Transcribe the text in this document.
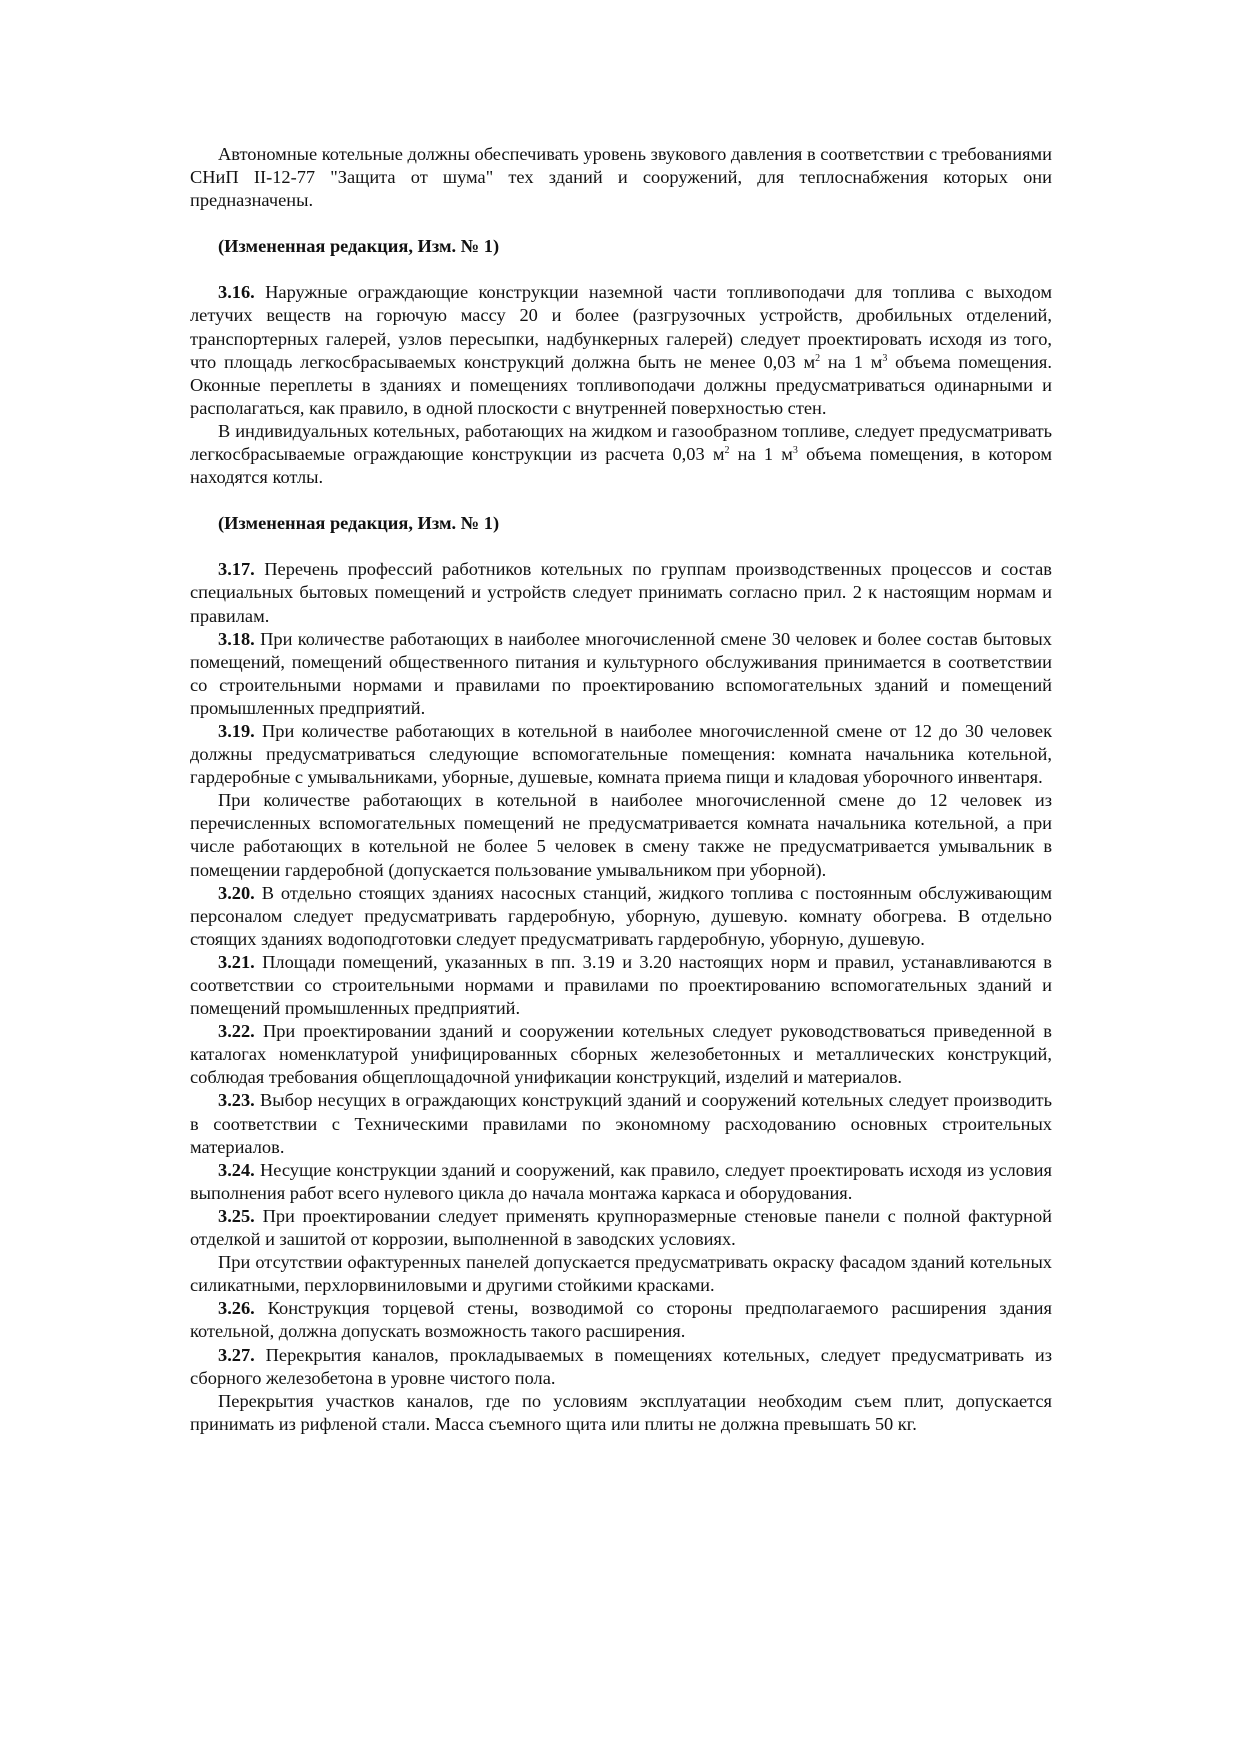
Автономные котельные должны обеспечивать уровень звукового давления в соответствии с требованиями СНиП II-12-77 "Защита от шума" тех зданий и сооружений, для теплоснабжения которых они предназначены.

(Измененная редакция, Изм. № 1)

3.16. Наружные ограждающие конструкции наземной части топливоподачи для топлива с выходом летучих веществ на горючую массу 20 и более (разгрузочных устройств, дробильных отделений, транспортерных галерей, узлов пересыпки, надбункерных галерей) следует проектировать исходя из того, что площадь легкосбрасываемых конструкций должна быть не менее 0,03 $м^2$ на 1 $м^3$ объема помещения. Оконные переплеты в зданиях и помещениях топливоподачи должны предусматриваться одинарными и располагаться, как правило, в одной плоскости с внутренней поверхностью стен.

В индивидуальных котельных, работающих на жидком и газообразном топливе, следует предусматривать легкосбрасываемые ограждающие конструкции из расчета 0,03 $м^2$ на 1 $м^3$ объема помещения, в котором находятся котлы.

(Измененная редакция, Изм. № 1)

3.17. Перечень профессий работников котельных по группам производственных процессов и состав специальных бытовых помещений и устройств следует принимать согласно прил. 2 к настоящим нормам и правилам.

3.18. При количестве работающих в наиболее многочисленной смене 30 человек и более состав бытовых помещений, помещений общественного питания и культурного обслуживания принимается в соответствии со строительными нормами и правилами по проектированию вспомогательных зданий и помещений промышленных предприятий.

3.19. При количестве работающих в котельной в наиболее многочисленной смене от 12 до 30 человек должны предусматриваться следующие вспомогательные помещения: комната начальника котельной, гардеробные с умывальниками, уборные, душевые, комната приема пищи и кладовая уборочного инвентаря.

При количестве работающих в котельной в наиболее многочисленной смене до 12 человек из перечисленных вспомогательных помещений не предусматривается комната начальника котельной, а при числе работающих в котельной не более 5 человек в смену также не предусматривается умывальник в помещении гардеробной (допускается пользование умывальником при уборной).

3.20. В отдельно стоящих зданиях насосных станций, жидкого топлива с постоянным обслуживающим персоналом следует предусматривать гардеробную, уборную, душевую. комнату обогрева. В отдельно стоящих зданиях водоподготовки следует предусматривать гардеробную, уборную, душевую.

3.21. Площади помещений, указанных в пп. 3.19 и 3.20 настоящих норм и правил, устанавливаются в соответствии со строительными нормами и правилами по проектированию вспомогательных зданий и помещений промышленных предприятий.

3.22. При проектировании зданий и сооружении котельных следует руководствоваться приведенной в каталогах номенклатурой унифицированных сборных железобетонных и металлических конструкций, соблюдая требования общеплощадочной унификации конструкций, изделий и материалов.

3.23. Выбор несущих в ограждающих конструкций зданий и сооружений котельных следует производить в соответствии с Техническими правилами по экономному расходованию основных строительных материалов.

3.24. Несущие конструкции зданий и сооружений, как правило, следует проектировать исходя из условия выполнения работ всего нулевого цикла до начала монтажа каркаса и оборудования.

3.25. При проектировании следует применять крупноразмерные стеновые панели с полной фактурной отделкой и зашитой от коррозии, выполненной в заводских условиях.

При отсутствии офактуренных панелей допускается предусматривать окраску фасадом зданий котельных силикатными, перхлорвиниловыми и другими стойкими красками.

3.26. Конструкция торцевой стены, возводимой со стороны предполагаемого расширения здания котельной, должна допускать возможность такого расширения.

3.27. Перекрытия каналов, прокладываемых в помещениях котельных, следует предусматривать из сборного железобетона в уровне чистого пола.

Перекрытия участков каналов, где по условиям эксплуатации необходим съем плит, допускается принимать из рифленой стали. Масса съемного щита или плиты не должна превышать 50 кг.
